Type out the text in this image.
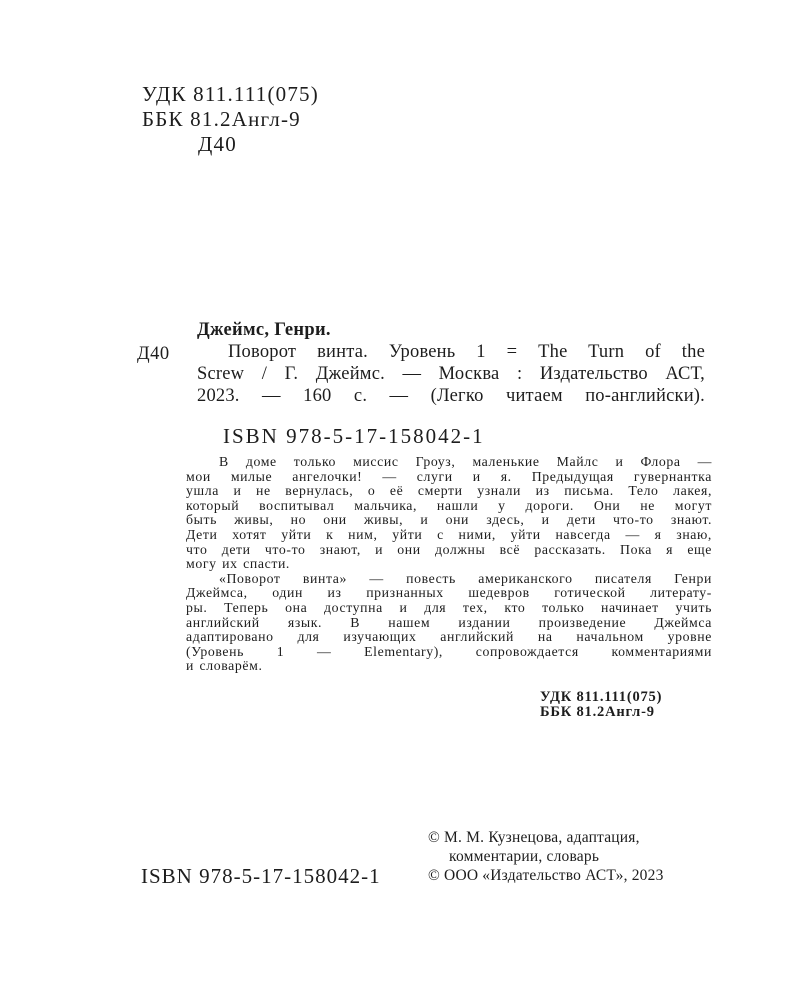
УДК 811.111(075)
ББК 81.2Англ-9
Д40
Д40
Джеймс, Генри.
Поворот винта. Уровень 1 = The Turn of the
Screw / Г. Джеймс. — Москва : Издательство АСТ,
2023. — 160 с. — (Легко читаем по-английски).
ISBN 978-5-17-158042-1
В доме только миссис Гроуз, маленькие Майлс и Флора —
мои милые ангелочки! — слуги и я. Предыдущая гувернантка
ушла и не вернулась, о её смерти узнали из письма. Тело лакея,
который воспитывал мальчика, нашли у дороги. Они не могут
быть живы, но они живы, и они здесь, и дети что-то знают.
Дети хотят уйти к ним, уйти с ними, уйти навсегда — я знаю,
что дети что-то знают, и они должны всё рассказать. Пока я еще
могу их спасти.
«Поворот винта» — повесть американского писателя Генри
Джеймса, один из признанных шедевров готической литерату-
ры. Теперь она доступна и для тех, кто только начинает учить
английский язык. В нашем издании произведение Джеймса
адаптировано для изучающих английский на начальном уровне
(Уровень 1 — Elementary), сопровождается комментариями
и словарём.
УДК 811.111(075)
ББК 81.2Англ-9
ISBN 978-5-17-158042-1
© М. М. Кузнецова, адаптация,
комментарии, словарь
© ООО «Издательство АСТ», 2023
